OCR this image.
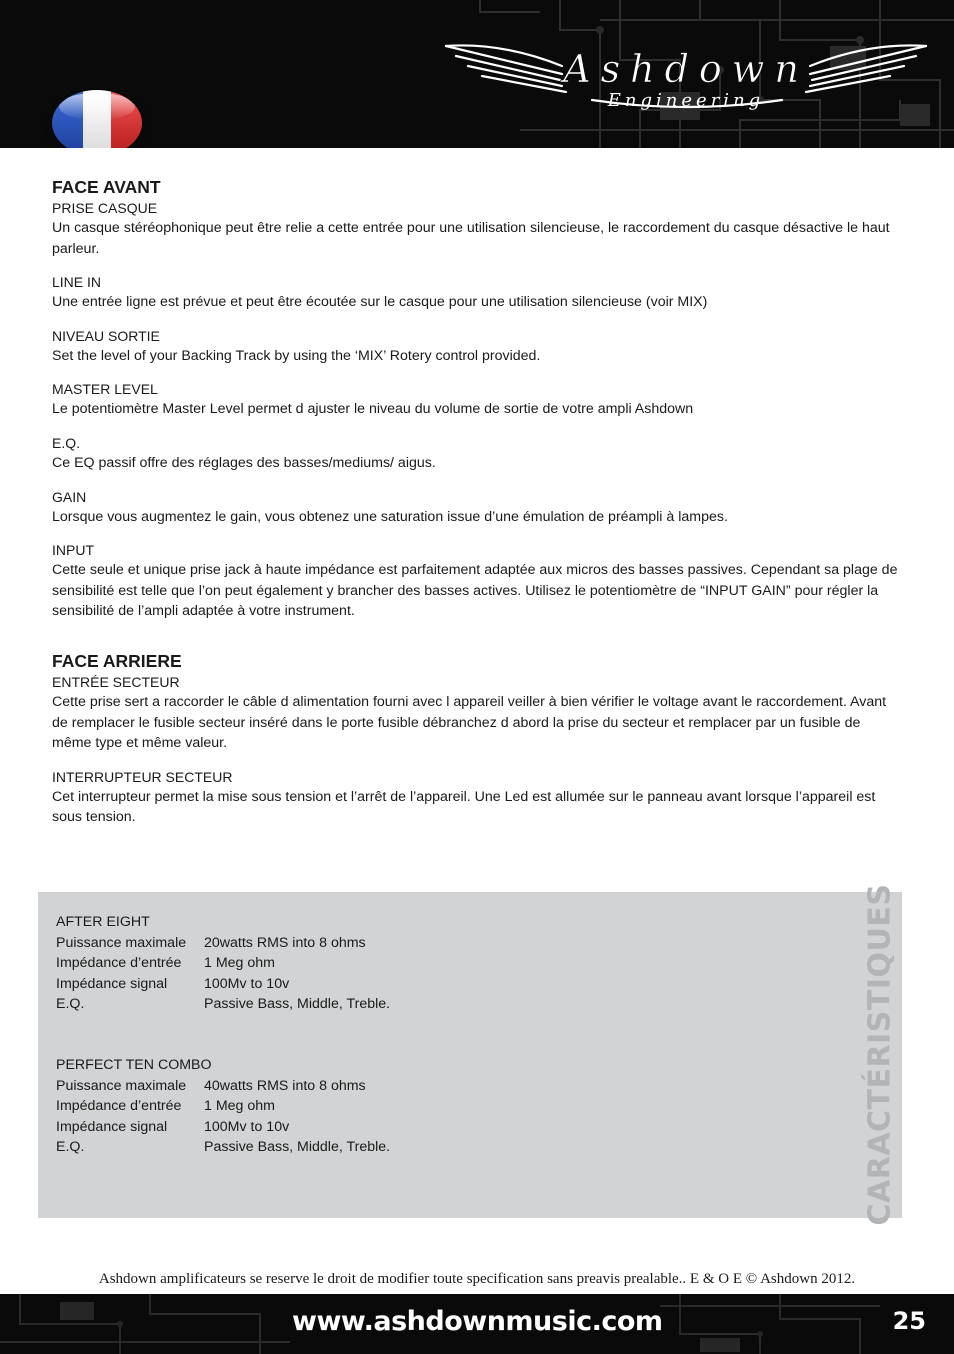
Ashdown
Engineering
FACE AVANT

PRISE CASQUE

Un casque stéréophonique peut être relie a cette entrée pour une utilisation silencieuse, le raccordement du casque désactive le haut parleur.

LINE IN

Une entrée ligne est prévue et peut être écoutée sur le casque pour une utilisation silencieuse (voir MIX)

NIVEAU SORTIE

Set the level of your Backing Track by using the ‘MIX’ Rotery control provided.

MASTER LEVEL

Le potentiomètre Master Level permet d ajuster le niveau du volume de sortie de votre ampli Ashdown

E.Q.

Ce EQ passif offre des réglages des basses/mediums/ aigus.

GAIN

Lorsque vous augmentez le gain, vous obtenez une saturation issue d’une émulation de préampli à lampes.

INPUT

Cette seule et unique prise jack à haute impédance est parfaitement adaptée aux micros des basses passives. Cependant sa plage de sensibilité est telle que l’on peut également y brancher des basses actives. Utilisez le potentiomètre de “INPUT GAIN” pour régler la sensibilité de l’ampli adaptée à votre instrument.

FACE ARRIERE

ENTRÉE SECTEUR

Cette prise sert a raccorder le câble d alimentation fourni avec l appareil veiller à bien vérifier le voltage avant le raccordement. Avant de remplacer le fusible secteur inséré dans le porte fusible débranchez d abord la prise du secteur et remplacer par un fusible de même type et même valeur.

INTERRUPTEUR SECTEUR

Cet interrupteur permet la mise sous tension et l’arrêt de l’appareil. Une Led est allumée sur le panneau avant lorsque l’appareil est sous tension.

AFTER EIGHT

Puissance maximale	20watts RMS into 8 ohms
Impédance d’entrée	1 Meg ohm
Impédance signal	100Mv to 10v
E.Q.	Passive Bass, Middle, Treble.

PERFECT TEN COMBO

Puissance maximale	40watts RMS into 8 ohms
Impédance d’entrée	1 Meg ohm
Impédance signal	100Mv to 10v
E.Q.	Passive Bass, Middle, Treble.	CARACTÉRISTIQUES

Ashdown amplificateurs se reserve le droit de modifier toute specification sans preavis prealable.. E & O E © Ashdown 2012.

www.ashdownmusic.com	25
